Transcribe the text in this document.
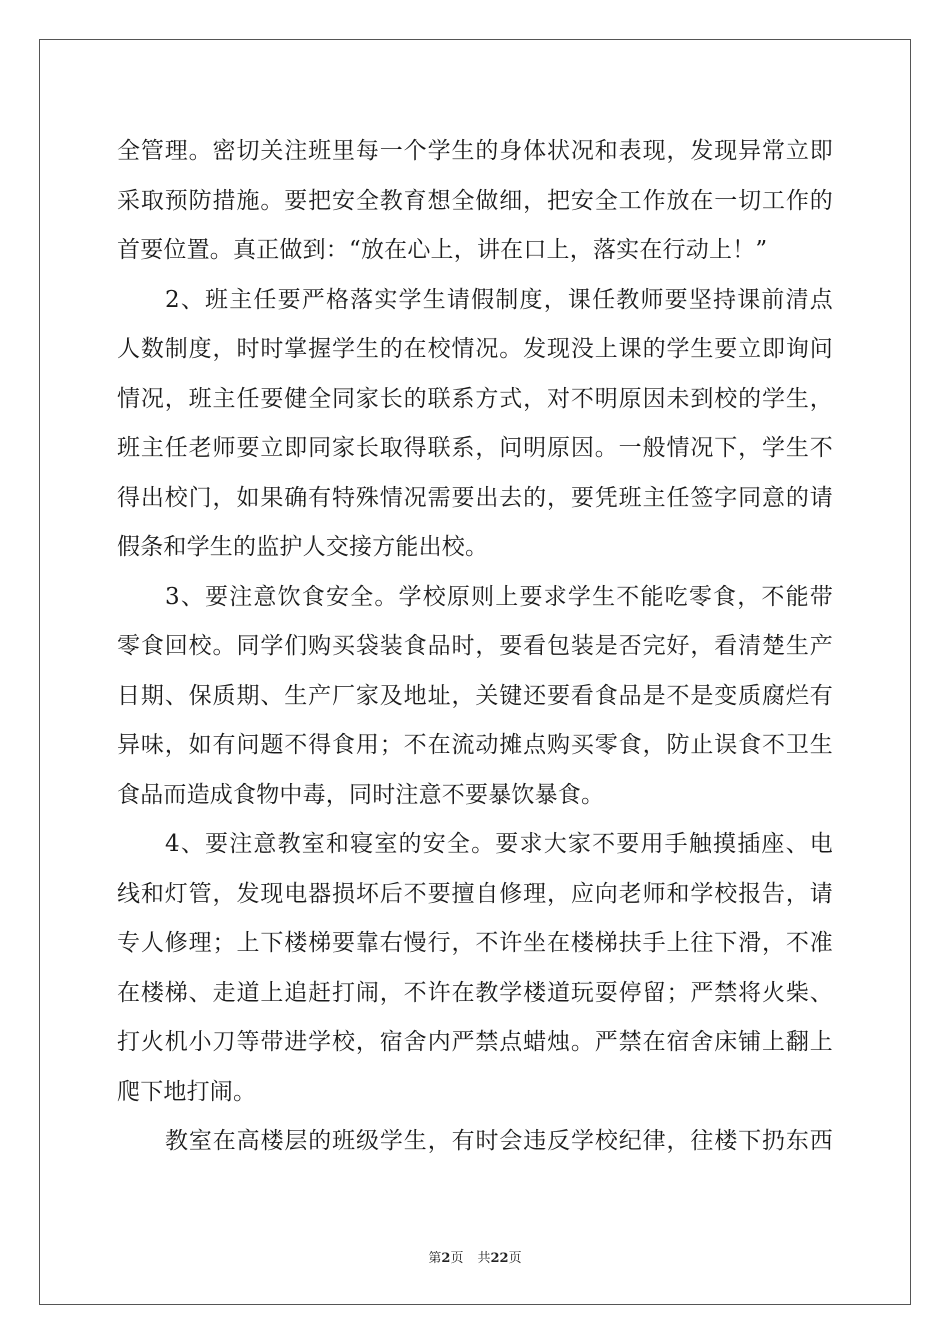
全管理。密切关注班里每一个学生的身体状况和表现，发现异常立即
采取预防措施。要把安全教育想全做细，把安全工作放在一切工作的
首要位置。真正做到：“放在心上，讲在口上，落实在行动上！”
2、班主任要严格落实学生请假制度，课任教师要坚持课前清点
人数制度，时时掌握学生的在校情况。发现没上课的学生要立即询问
情况，班主任要健全同家长的联系方式，对不明原因未到校的学生，
班主任老师要立即同家长取得联系，问明原因。一般情况下，学生不
得出校门，如果确有特殊情况需要出去的，要凭班主任签字同意的请
假条和学生的监护人交接方能出校。
3、要注意饮食安全。学校原则上要求学生不能吃零食，不能带
零食回校。同学们购买袋装食品时，要看包装是否完好，看清楚生产
日期、保质期、生产厂家及地址，关键还要看食品是不是变质腐烂有
异味，如有问题不得食用；不在流动摊点购买零食，防止误食不卫生
食品而造成食物中毒，同时注意不要暴饮暴食。
4、要注意教室和寝室的安全。要求大家不要用手触摸插座、电
线和灯管，发现电器损坏后不要擅自修理，应向老师和学校报告，请
专人修理；上下楼梯要靠右慢行，不许坐在楼梯扶手上往下滑，不准
在楼梯、走道上追赶打闹，不许在教学楼道玩耍停留；严禁将火柴、
打火机小刀等带进学校，宿舍内严禁点蜡烛。严禁在宿舍床铺上翻上
爬下地打闹。
教室在高楼层的班级学生，有时会违反学校纪律，往楼下扔东西
第2页 共22页
